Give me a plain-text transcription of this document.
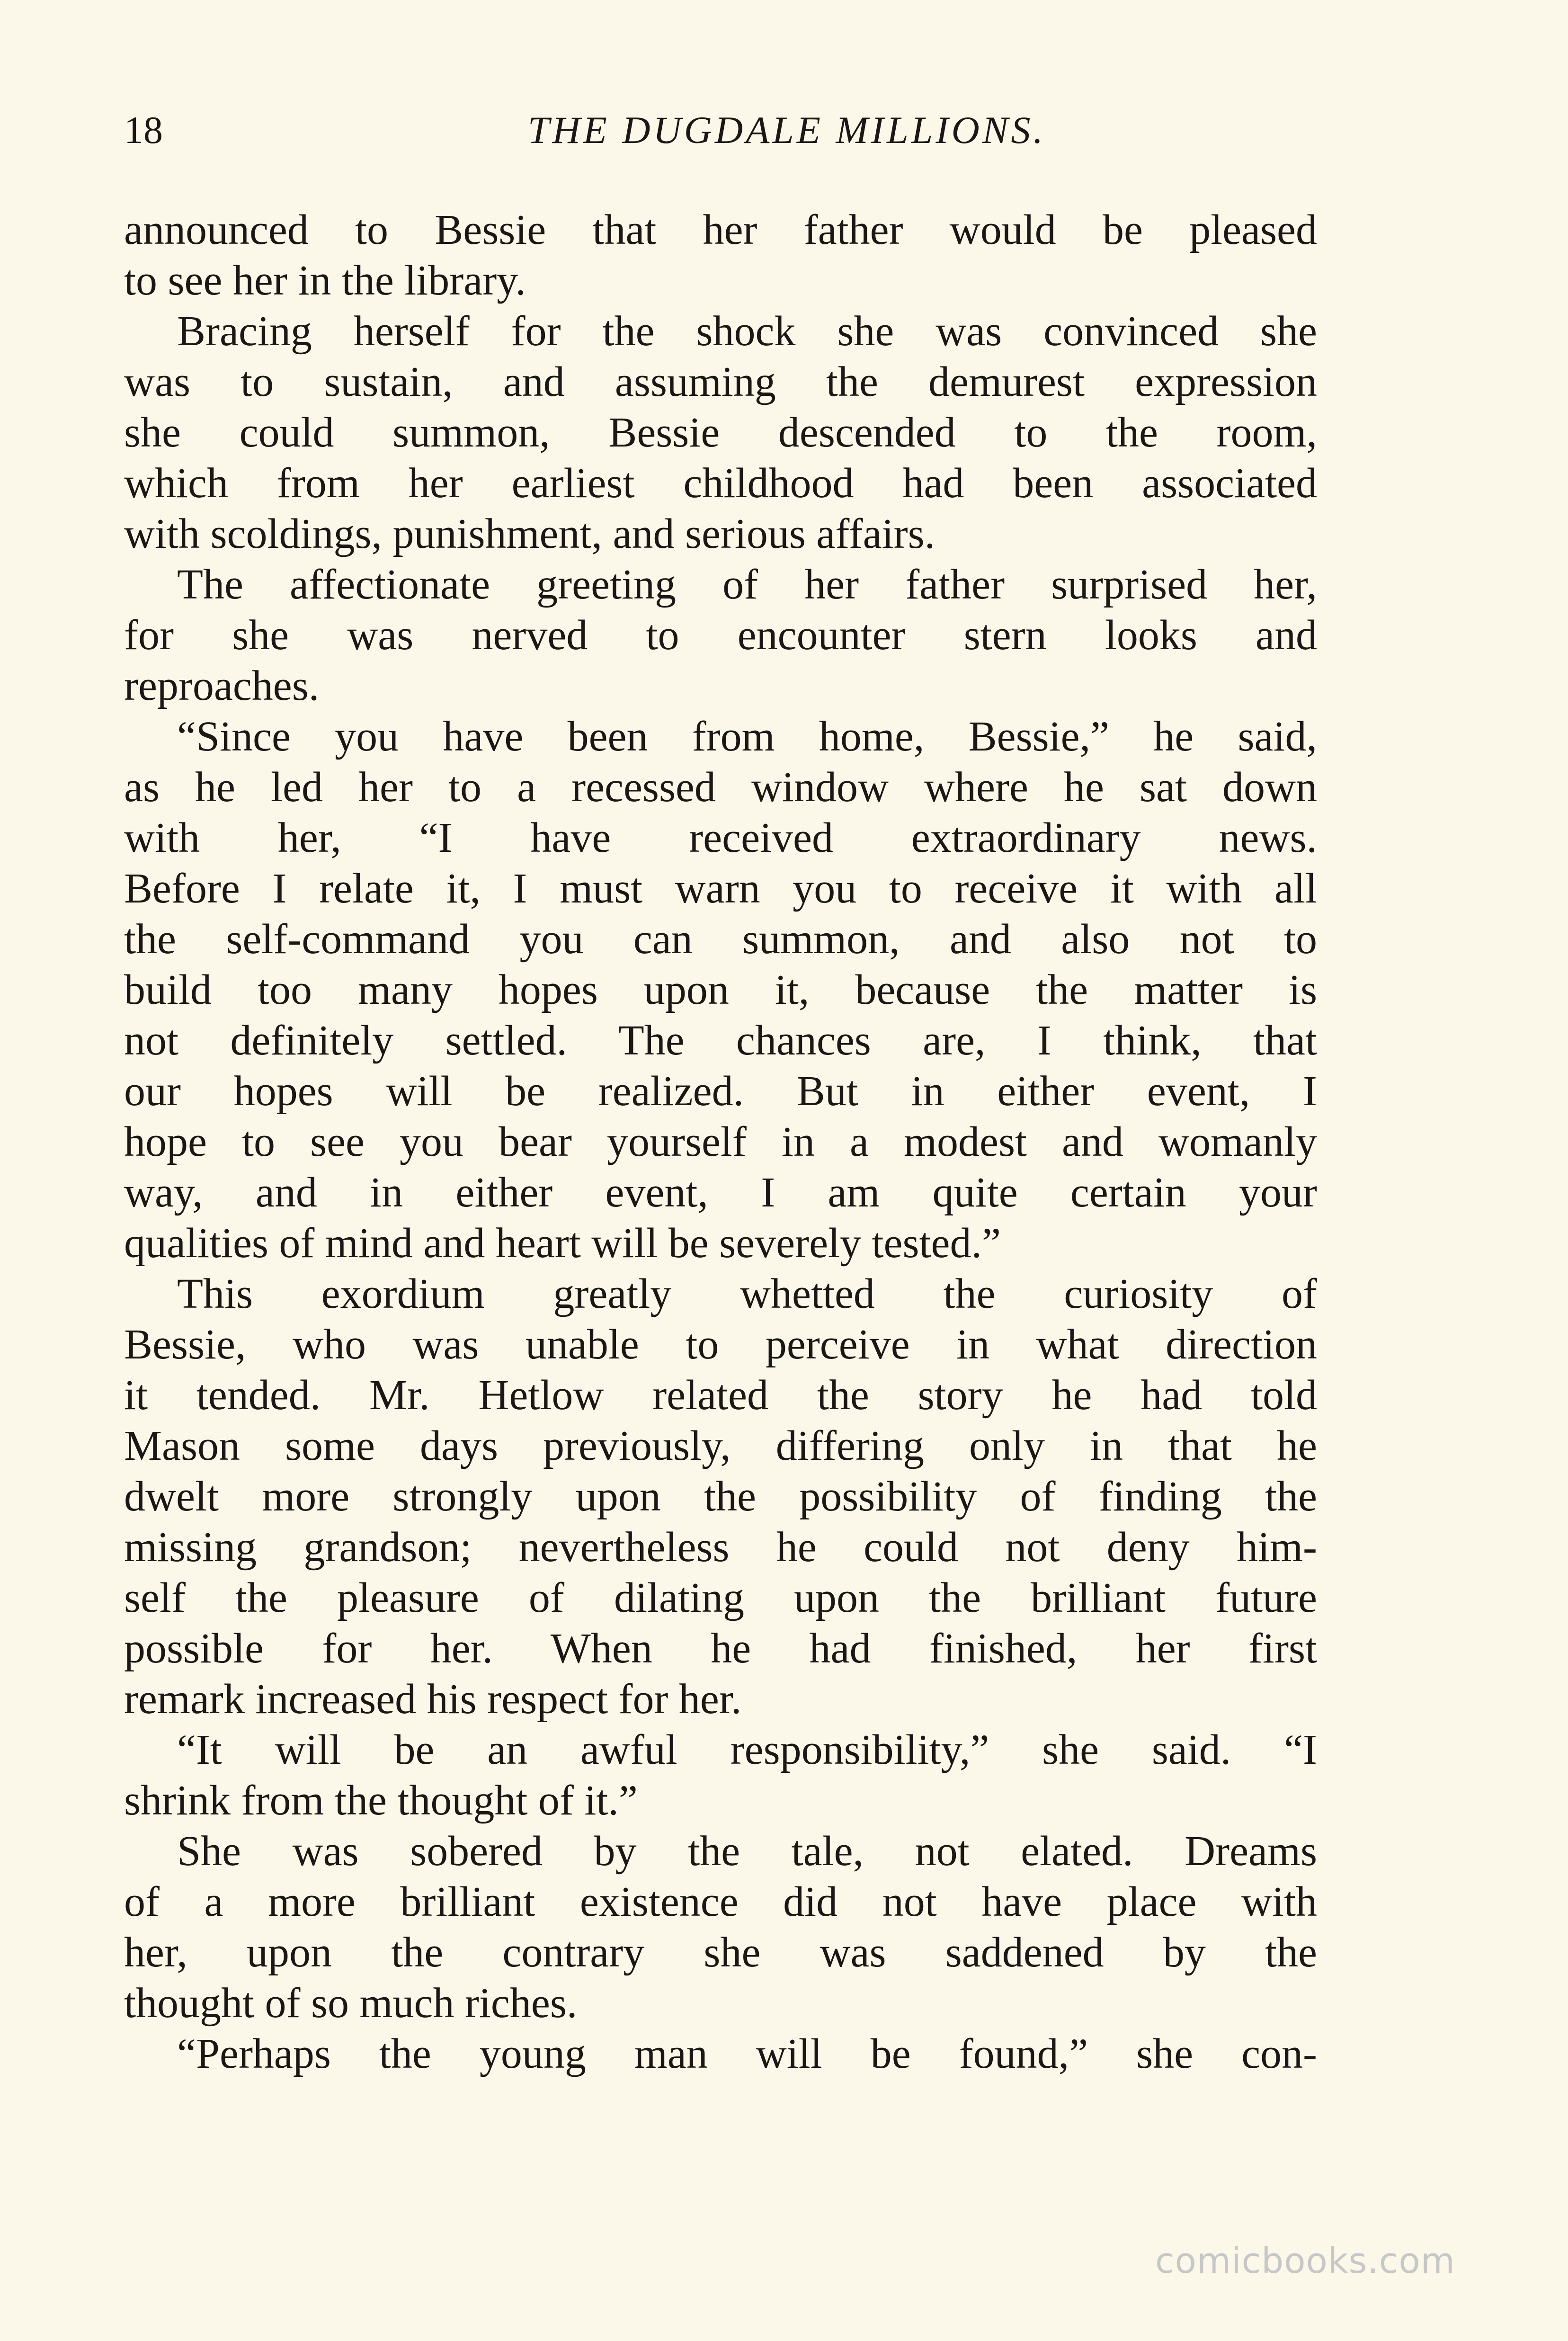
18	THE DUGDALE MILLIONS.
announced to Bessie that her father would be pleased
to see her in the library.
Bracing herself for the shock she was convinced she
was to sustain, and assuming the demurest expression
she could summon, Bessie descended to the room,
which from her earliest childhood had been associated
with scoldings, punishment, and serious affairs.
The affectionate greeting of her father surprised her,
for she was nerved to encounter stern looks and
reproaches.
“Since you have been from home, Bessie,” he said,
as he led her to a recessed window where he sat down
with her, “I have received extraordinary news.
Before I relate it, I must warn you to receive it with all
the self-command you can summon, and also not to
build too many hopes upon it, because the matter is
not definitely settled. The chances are, I think, that
our hopes will be realized. But in either event, I
hope to see you bear yourself in a modest and womanly
way, and in either event, I am quite certain your
qualities of mind and heart will be severely tested.”
This exordium greatly whetted the curiosity of
Bessie, who was unable to perceive in what direction
it tended. Mr. Hetlow related the story he had told
Mason some days previously, differing only in that he
dwelt more strongly upon the possibility of finding the
missing grandson; nevertheless he could not deny him-
self the pleasure of dilating upon the brilliant future
possible for her. When he had finished, her first
remark increased his respect for her.
“It will be an awful responsibility,” she said. “I
shrink from the thought of it.”
She was sobered by the tale, not elated. Dreams
of a more brilliant existence did not have place with
her, upon the contrary she was saddened by the
thought of so much riches.
“Perhaps the young man will be found,” she con-
comicbooks.com
